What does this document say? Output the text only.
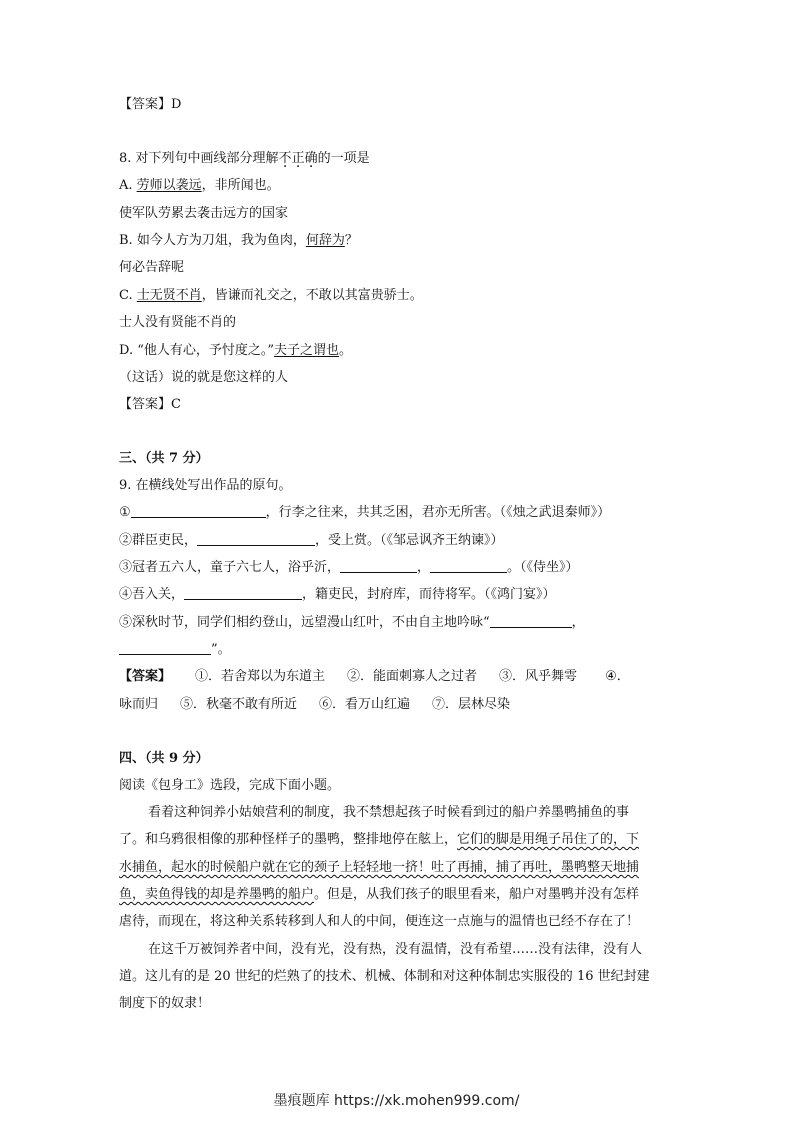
【答案】D
8. 对下列句中画线部分理解不正确的一项是
A. 劳师以袭远，非所闻也。
使军队劳累去袭击远方的国家
B. 如今人方为刀俎，我为鱼肉，何辞为？
何必告辞呢
C. 士无贤不肖，皆谦而礼交之，不敢以其富贵骄士。
士人没有贤能不肖的
D. “他人有心，予忖度之。”夫子之谓也。
（这话）说的就是您这样的人
【答案】C
三、（共 7 分）
9. 在横线处写出作品的原句。
①	，行李之往来，共其乏困，君亦无所害。（《烛之武退秦师》）
②群臣吏民，	，受上赏。（《邹忌讽齐王纳谏》）
③冠者五六人，童子六七人，浴乎沂，	，	。（《侍坐》）
④吾入关，	，籍吏民，封府库，而待将军。（《鸿门宴》）
⑤深秋时节，同学们相约登山，远望漫山红叶，不由自主地吟咏“	，
”。
【答案】 ①．若舍郑以为东道主 ②．能面刺寡人之过者 ③．风乎舞雩 ④．
咏而归 ⑤．秋毫不敢有所近 ⑥．看万山红遍 ⑦．层林尽染
四、（共 9 分）
阅读《包身工》选段，完成下面小题。
看着这种饲养小姑娘营利的制度，我不禁想起孩子时候看到过的船户养墨鸭捕鱼的事
了。和乌鸦很相像的那种怪样子的墨鸭，整排地停在舷上，它们的脚是用绳子吊住了的，下
水捕鱼，起水的时候船户就在它的颈子上轻轻地一挤！吐了再捕，捕了再吐，墨鸭整天地捕
鱼，卖鱼得钱的却是养墨鸭的船户。但是，从我们孩子的眼里看来，船户对墨鸭并没有怎样
虐待，而现在，将这种关系转移到人和人的中间，便连这一点施与的温情也已经不存在了！
在这千万被饲养者中间，没有光，没有热，没有温情，没有希望……没有法律，没有人
道。这儿有的是 20 世纪的烂熟了的技术、机械、体制和对这种体制忠实服役的 16 世纪封建
制度下的奴隶！
墨痕题库 https://xk.mohen999.com/
